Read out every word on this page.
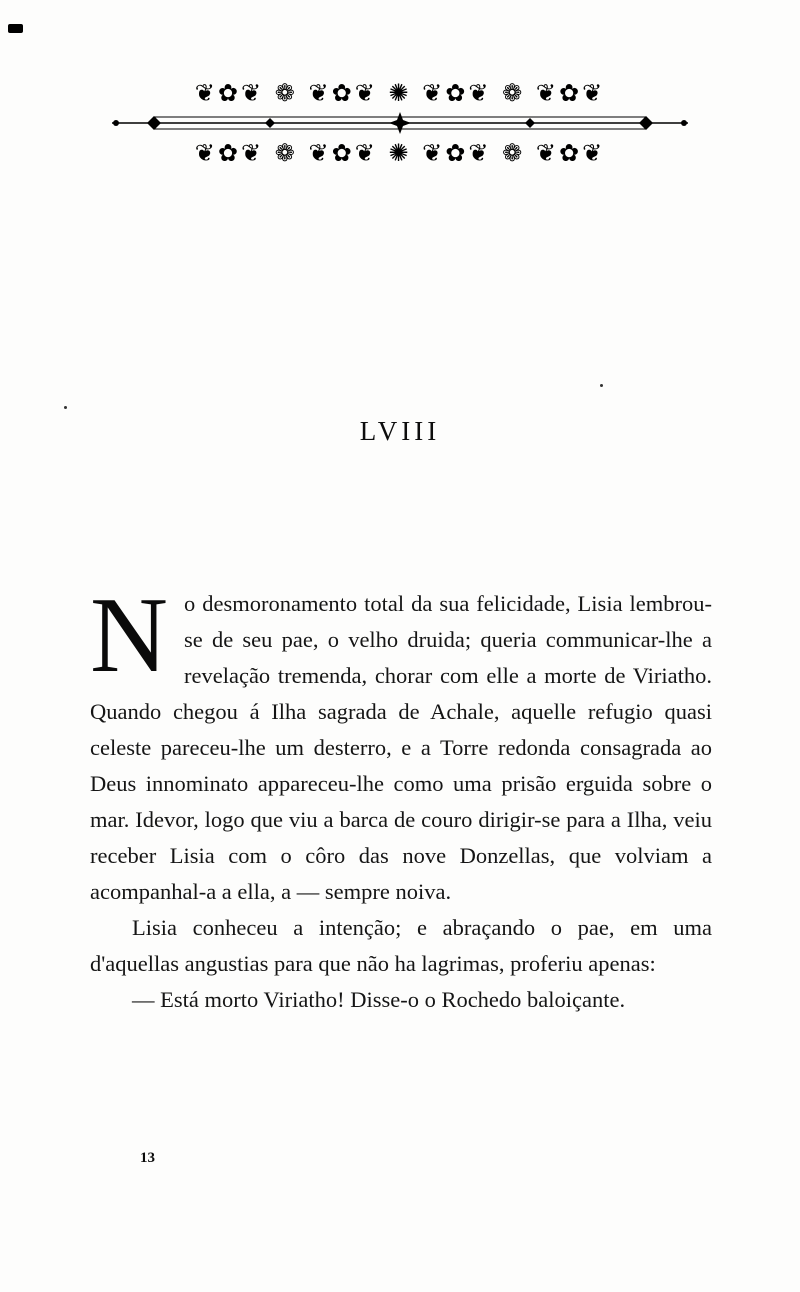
❦✿❦ ❁ ❦✿❦ ✺ ❦✿❦ ❁ ❦✿❦
❦✿❦ ❁ ❦✿❦ ✺ ❦✿❦ ❁ ❦✿❦
LVIII

No desmoronamento total da sua felicidade, Lisia lembrou-se de seu pae, o velho druida; queria communicar-lhe a revelação tremenda, chorar com elle a morte de Viriatho. Quando chegou á Ilha sagrada de Achale, aquelle refugio quasi celeste pareceu-lhe um desterro, e a Torre redonda consagrada ao Deus innominato appareceu-lhe como uma prisão erguida sobre o mar. Idevor, logo que viu a barca de couro dirigir-se para a Ilha, veiu receber Lisia com o côro das nove Donzellas, que volviam a acompanhal-a a ella, a — sempre noiva.

Lisia conheceu a intenção; e abraçando o pae, em uma d'aquellas angustias para que não ha lagrimas, proferiu apenas:

— Está morto Viriatho! Disse-o o Rochedo baloiçante.

13
